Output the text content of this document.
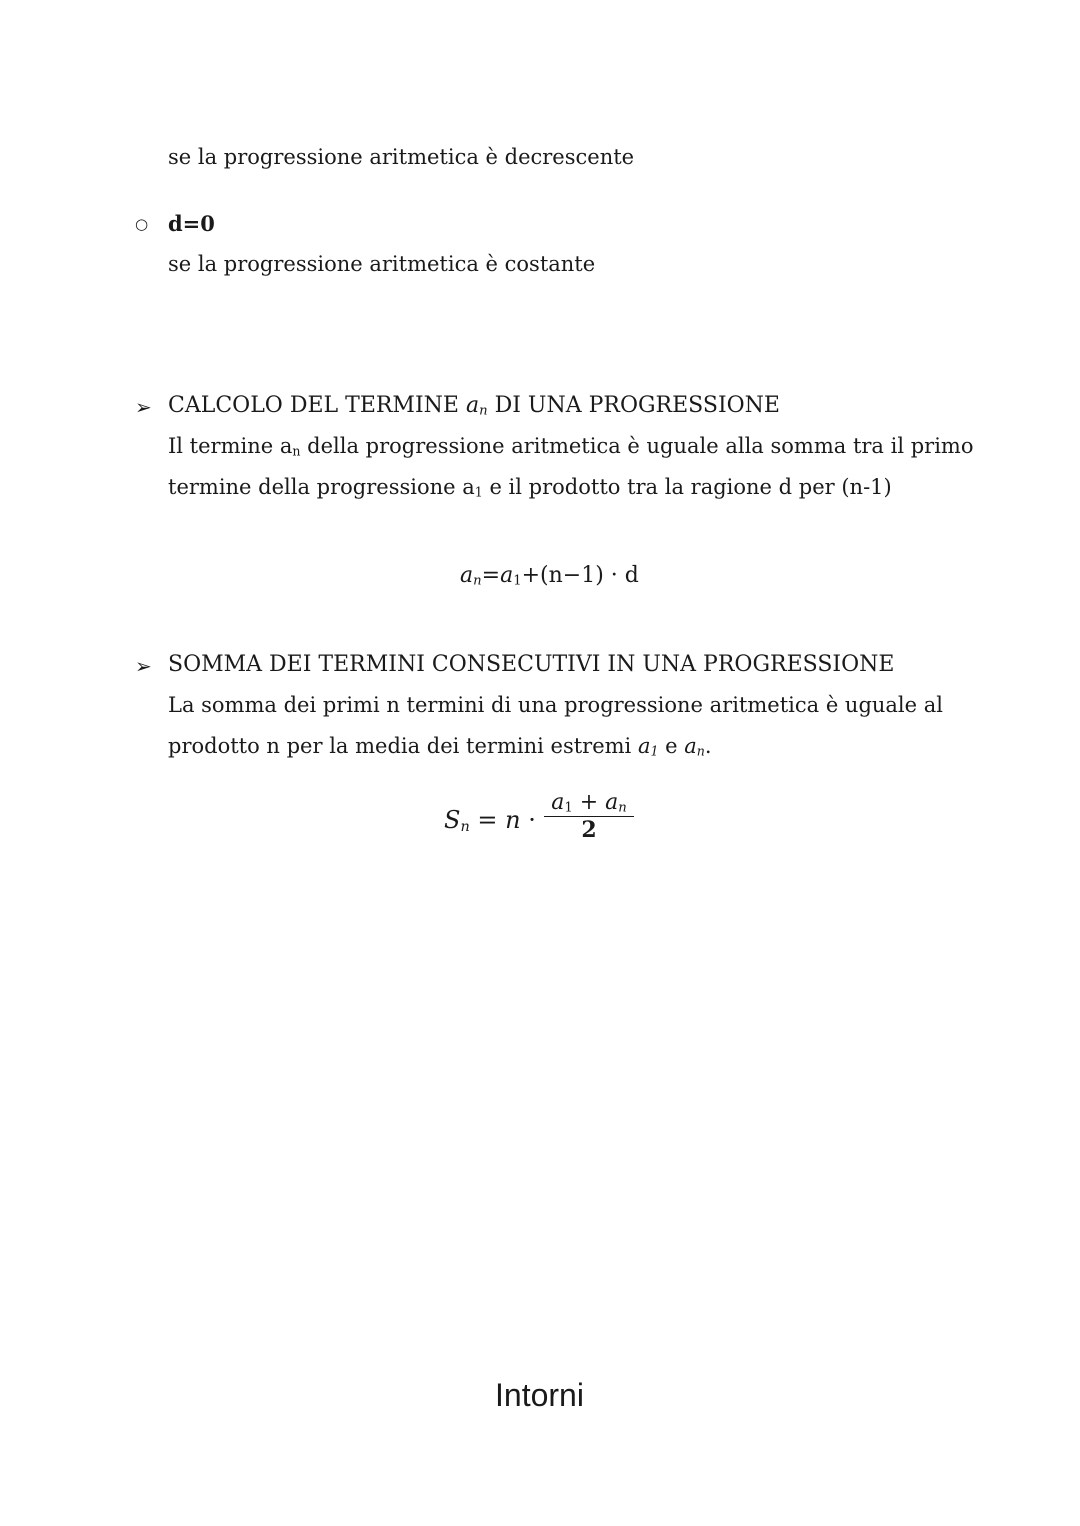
se la progressione aritmetica è decrescente
○ d=0
se la progressione aritmetica è costante
➢ CALCOLO DEL TERMINE $a_n$ DI UNA PROGRESSIONE
Il termine $a_n$ della progressione aritmetica è uguale alla somma tra il primo
termine della progressione $a_1$ e il prodotto tra la ragione d per (n-1)
$a_n=a_1+(n-1) \cdot d$
➢ SOMMA DEI TERMINI CONSECUTIVI IN UNA PROGRESSIONE
La somma dei primi n termini di una progressione aritmetica è uguale al
prodotto n per la media dei termini estremi $a_1$ e $a_n$.
$S_n = n$ ·
$a_1 + a_n$
2
Intorni
